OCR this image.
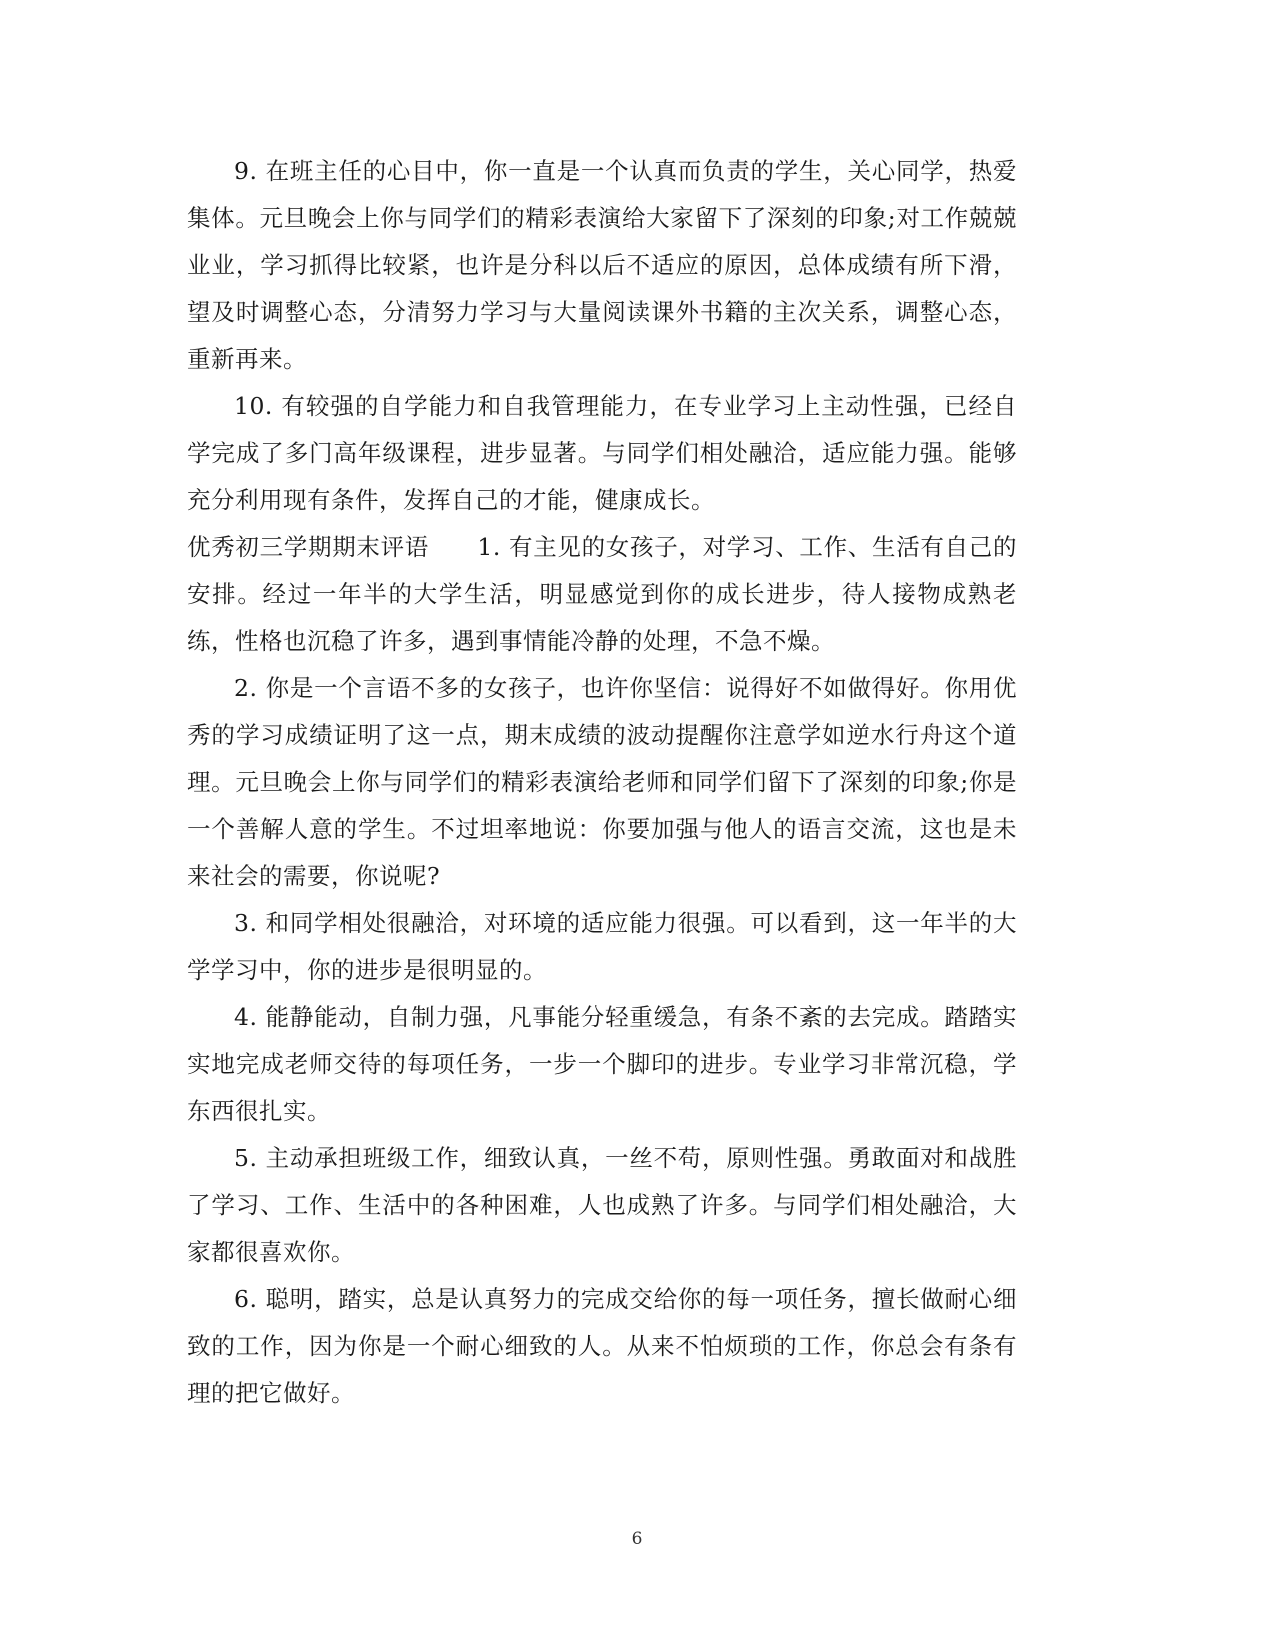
9. 在班主任的心目中，你一直是一个认真而负责的学生，关心同学，热爱集体。元旦晚会上你与同学们的精彩表演给大家留下了深刻的印象;对工作兢兢业业，学习抓得比较紧，也许是分科以后不适应的原因，总体成绩有所下滑，望及时调整心态，分清努力学习与大量阅读课外书籍的主次关系，调整心态，重新再来。

10. 有较强的自学能力和自我管理能力，在专业学习上主动性强，已经自学完成了多门高年级课程，进步显著。与同学们相处融洽，适应能力强。能够充分利用现有条件，发挥自己的才能，健康成长。

优秀初三学期期末评语　　1. 有主见的女孩子，对学习、工作、生活有自己的安排。经过一年半的大学生活，明显感觉到你的成长进步，待人接物成熟老练，性格也沉稳了许多，遇到事情能冷静的处理，不急不燥。

2. 你是一个言语不多的女孩子，也许你坚信：说得好不如做得好。你用优秀的学习成绩证明了这一点，期末成绩的波动提醒你注意学如逆水行舟这个道理。元旦晚会上你与同学们的精彩表演给老师和同学们留下了深刻的印象;你是一个善解人意的学生。不过坦率地说：你要加强与他人的语言交流，这也是未来社会的需要，你说呢?

3. 和同学相处很融洽，对环境的适应能力很强。可以看到，这一年半的大学学习中，你的进步是很明显的。

4. 能静能动，自制力强，凡事能分轻重缓急，有条不紊的去完成。踏踏实实地完成老师交待的每项任务，一步一个脚印的进步。专业学习非常沉稳，学东西很扎实。

5. 主动承担班级工作，细致认真，一丝不苟，原则性强。勇敢面对和战胜了学习、工作、生活中的各种困难，人也成熟了许多。与同学们相处融洽，大家都很喜欢你。

6. 聪明，踏实，总是认真努力的完成交给你的每一项任务，擅长做耐心细致的工作，因为你是一个耐心细致的人。从来不怕烦琐的工作，你总会有条有理的把它做好。

6
